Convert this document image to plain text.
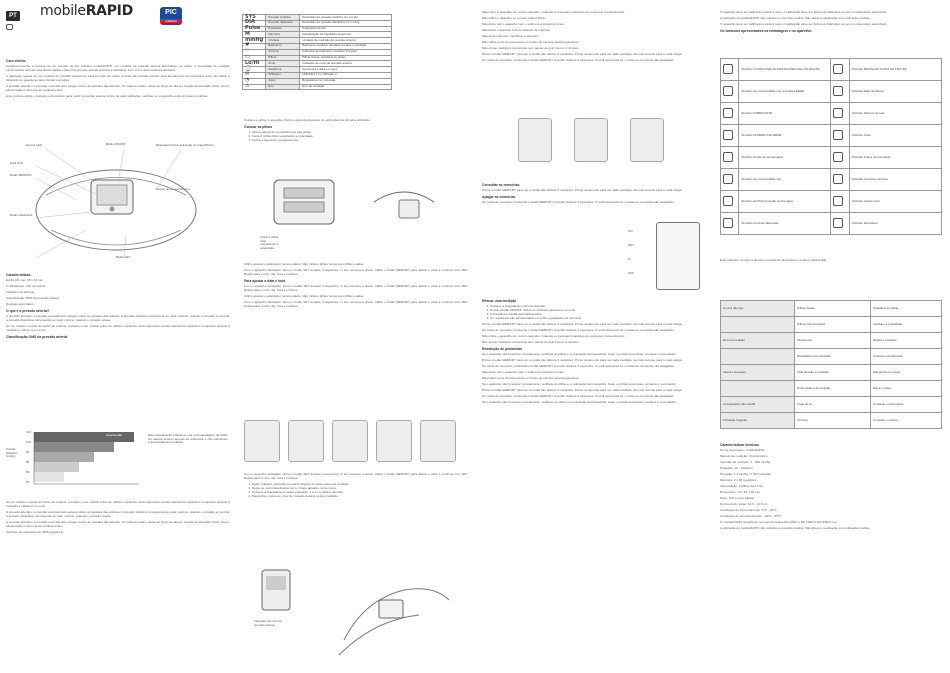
PT mobileRAPID	PIC
solution
Caro cliente,
Agradecemos-lhe a compra de um monitor da Pic Solution mobileRAPID, um medidor de pressão arterial automático, ao pulso. A tecnologia de medição oscilométrica permite uma leitura rápida e fiável da pressão arterial sistólica e diastólica, bem como da frequência cardíaca.
A utilização regular de um medidor de pressão arterial em casa permite um maior controlo da pressão arterial. Leia atentamente as instruções antes de utilizar o dispositivo e guarde-as para futuras consultas.
A pressão arterial é a pressão exercida pelo sangue sobre as paredes das artérias. Os valores podem variar ao longo do dia em função da atividade física, stress, alimentação e da toma de medicamentos.
Este produto utiliza o método oscilométrico para medir a pressão arterial. Antes de cada utilização, verifique se o aparelho está em boas condições.
Sensor LED	Botão ON/OFF	Braçadeira (Para aplicação do braço/Pulso)
Ecrã LCD
Botão MEMORY
Tampa do compartimento
Botão Data/Hora
Botão SET
Características:
Ecrã LCD com 45 x 34 mm
2 utilizadores x 60 memórias
Indicador de arritmia
Classificação OMS da pressão arterial
Desligar automático
O que é a pressão arterial?
A pressão arterial é a pressão exercida pelo sangue sobre as paredes das artérias. A pressão sistólica corresponde ao valor máximo, quando o coração se contrai; a pressão diastólica corresponde ao valor mínimo, quando o coração relaxa.
Se um médico o avisar de sofrer de arritmia, contacte o seu médico antes de utilizar o aparelho. Este dispositivo deteta batimentos cardíacos irregulares durante a medição e indica-os no ecrã.
Classificação OMS da pressão arterial
Pressão diastólica (mmHg)
110
100
90
85
80
60
Hipertensão	Esta classificação baseia-se nas recomendações da OMS. Os valores servem apenas de referência e não substituem o aconselhamento médico.
Se um médico o avisar de sofrer de arritmia, contacte o seu médico antes de utilizar o aparelho. Este dispositivo deteta batimentos cardíacos irregulares durante a medição e indica-os no ecrã.
A pressão arterial é a pressão exercida pelo sangue sobre as paredes das artérias. A pressão sistólica corresponde ao valor máximo, quando o coração se contrai; a pressão diastólica corresponde ao valor mínimo, quando o coração relaxa.
A pressão arterial é a pressão exercida pelo sangue sobre as paredes das artérias. Os valores podem variar ao longo do dia em função da atividade física, stress, alimentação e da toma de medicamentos.
Verifique as respostas da OMS (página 4).
SYS	Pressão sistólica	Resultado da pressão sistólica em mmHg
DIA	Pressão diastólica	Resultado da pressão diastólica em mmHg
Pulse	Pulsações	Pulsações/minuto
M	Memória	Visualização de medições anteriores
mmHg	Unidade	Unidade de medição da pressão arterial
♥	Batimento	Batimento cardíaco detetado durante a medição
♡	Arritmia	Indicador de batimento cardíaco irregular
▭	Pilhas	Pilhas fracas, substitua as pilhas
Lo/Hi	Nível	Indicador de nível da pressão arterial
⌚	Data/hora	Apresenta a data e a hora
✉	Utilizador	Utilizador 1 ou utilizador 2
◔	Aviso	Braçadeira mal colocada
⚠	Erro	Erro de medição
Coloque a pilha no aparelho. Retire a película protetora do ecrã antes da primeira utilização.
Colocar as pilhas
1. Abra a tampa do compartimento das pilhas.
2. Insira 2 pilhas AAA respeitando a polaridade.
3. Feche a tampa do compartimento.
Insira 2 pilhas AAA respeitando a polaridade.
Utilize apenas o adaptador recomendado. Não misture pilhas novas com pilhas usadas.
Com o aparelho desligado, prima o botão SET durante 3 segundos. O ano começa a piscar. Utilize o botão MEMORY para alterar o valor e confirme com SET. Repita para o mês, dia, hora e minutos.
Para ajustar a data e hora
Com o aparelho desligado, prima o botão SET durante 3 segundos. O ano começa a piscar. Utilize o botão MEMORY para alterar o valor e confirme com SET. Repita para o mês, dia, hora e minutos.
Utilize apenas o adaptador recomendado. Não misture pilhas novas com pilhas usadas.
Com o aparelho desligado, prima o botão SET durante 3 segundos. O ano começa a piscar. Utilize o botão MEMORY para alterar o valor e confirme com SET. Repita para o mês, dia, hora e minutos.
Com o aparelho desligado, prima o botão SET durante 3 segundos. O ano começa a piscar. Utilize o botão MEMORY para alterar o valor e confirme com SET. Repita para o mês, dia, hora e minutos.
1. Retire relógios, pulseiras ou outros objetos do pulso antes da medição.
2. Sente-se confortavelmente com o braço apoiado numa mesa.
3. Coloque a braçadeira no pulso esquerdo, 1 a 2 cm abaixo da mão.
4. Mantenha o pulso ao nível do coração durante toda a medição.
Indicador de nível da pressão arterial
Não utilize o aparelho em recém-nascidos, crianças ou pessoas incapazes de expressar consentimento.
Não utilize o aparelho se o pulso estiver ferido.
Não deixe cair o aparelho nem o submeta a impactos fortes.
Mantenha o aparelho fora do alcance de crianças.
Não desmonte nem modifique o aparelho.
Não utilize perto de telemóveis ou fontes de campos eletromagnéticos.
Não efetue medições sucessivas sem pausa de pelo menos 3 minutos.
Prima o botão MEMORY para ver a média das últimas 3 medições. Prima novamente para ver cada medição, da mais recente para a mais antiga.
No modo de memória, mantenha o botão MEMORY premido durante 3 segundos. O ecrã apresenta CL e todas as memórias são apagadas.
Consultar as memórias
Prima o botão MEMORY para ver a média das últimas 3 medições. Prima novamente para ver cada medição, da mais recente para a mais antiga.
Apagar as memórias
No modo de memória, mantenha o botão MEMORY premido durante 3 segundos. O ecrã apresenta CL e todas as memórias são apagadas.
ON
SET
M
OFF
Efetuar uma medição
1. Coloque a braçadeira conforme descrito.
2. Prima o botão ON/OFF. Todos os símbolos aparecem no ecrã.
3. A braçadeira insufla automaticamente.
4. Os resultados são apresentados no ecrã e guardados na memória.
Prima o botão MEMORY para ver a média das últimas 3 medições. Prima novamente para ver cada medição, da mais recente para a mais antiga.
No modo de memória, mantenha o botão MEMORY premido durante 3 segundos. O ecrã apresenta CL e todas as memórias são apagadas.
Não utilize o aparelho em recém-nascidos, crianças ou pessoas incapazes de expressar consentimento.
Não efetue medições sucessivas sem pausa de pelo menos 3 minutos.
Resolução de problemas
Se o aparelho não funcionar corretamente, verifique as pilhas e a colocação da braçadeira. Caso o problema persista, contacte o revendedor.
Prima o botão MEMORY para ver a média das últimas 3 medições. Prima novamente para ver cada medição, da mais recente para a mais antiga.
No modo de memória, mantenha o botão MEMORY premido durante 3 segundos. O ecrã apresenta CL e todas as memórias são apagadas.
Não deixe cair o aparelho nem o submeta a impactos fortes.
Não utilize perto de telemóveis ou fontes de campos eletromagnéticos.
Se o aparelho não funcionar corretamente, verifique as pilhas e a colocação da braçadeira. Caso o problema persista, contacte o revendedor.
Prima o botão MEMORY para ver a média das últimas 3 medições. Prima novamente para ver cada medição, da mais recente para a mais antiga.
No modo de memória, mantenha o botão MEMORY premido durante 3 segundos. O ecrã apresenta CL e todas as memórias são apagadas.
Se o aparelho não funcionar corretamente, verifique as pilhas e a colocação da braçadeira. Caso o problema persista, contacte o revendedor.
O aparelho deve ser calibrado a cada 2 anos. A calibração deve ser feita pelo fabricante ou por um laboratório autorizado.
A utilização do mobileRAPID não substitui a consulta médica. Não altere a medicação sem indicação médica.
O aparelho deve ser calibrado a cada 2 anos. A calibração deve ser feita pelo fabricante ou por um laboratório autorizado.
Os símbolos apresentados na embalagem e no aparelho:
	Símbolo CONSULTAR AS INSTRUÇÕES DE UTILIZAÇÃO		Símbolo PARTE APLICADA DO TIPO BF
	Símbolo de conformidade com a diretiva REEE		Símbolo Data de fabrico
	Símbolo FABRICANTE		Símbolo Número de lote
	Símbolo NÚMERO DE SÉRIE		Símbolo Aviso
	Símbolo limites de temperatura		Símbolo limites de humidade
	Símbolo de conformidade CE		Símbolo Corrente contínua
	Símbolo de IP22 proteção contra água		Símbolo manter seco
	Símbolo Corrente alternada		Símbolo Reciclável
Este aparelho cumpre a diretiva europeia de dispositivos médicos 93/42/CEE.
O ecrã não liga	Pilhas fracas	Substitua as pilhas
	Pilhas mal colocadas	Verifique a polaridade
Erro na medição	Movimento	Repita a medição
	Braçadeira mal colocada	Coloque corretamente
Valores elevados	Fala durante a medição	Mantenha-se imóvel
	Pulso abaixo do coração	Eleve o pulso
A braçadeira não insufla	Fuga de ar	Contacte o revendedor
Pulsação irregular	Arritmia	Consulte o médico
Características técnicas
Nome do produto: mobileRAPID
Método de medição: Oscilométrico
Intervalo de medição: 0 - 300 mmHg
Pulsação: 40 - 199 bpm
Precisão: ± 3 mmHg / ± 5% pulsação
Memória: 2 x 60 medições
Alimentação: 2 pilhas AAA 1,5V
Dimensões: 74 x 67 x 28 mm
Peso: 100 g (sem pilhas)
Perímetro do pulso: 13,5 - 21,5 cm
Condições de funcionamento: 5°C - 40°C
Condições de armazenamento: -20°C - 55°C
O mobileRAPID respeita as normas europeias EN 1060-1, EN 1060-3, EN 60601-1-2.
A utilização do mobileRAPID não substitui a consulta médica. Não altere a medicação sem indicação médica.
